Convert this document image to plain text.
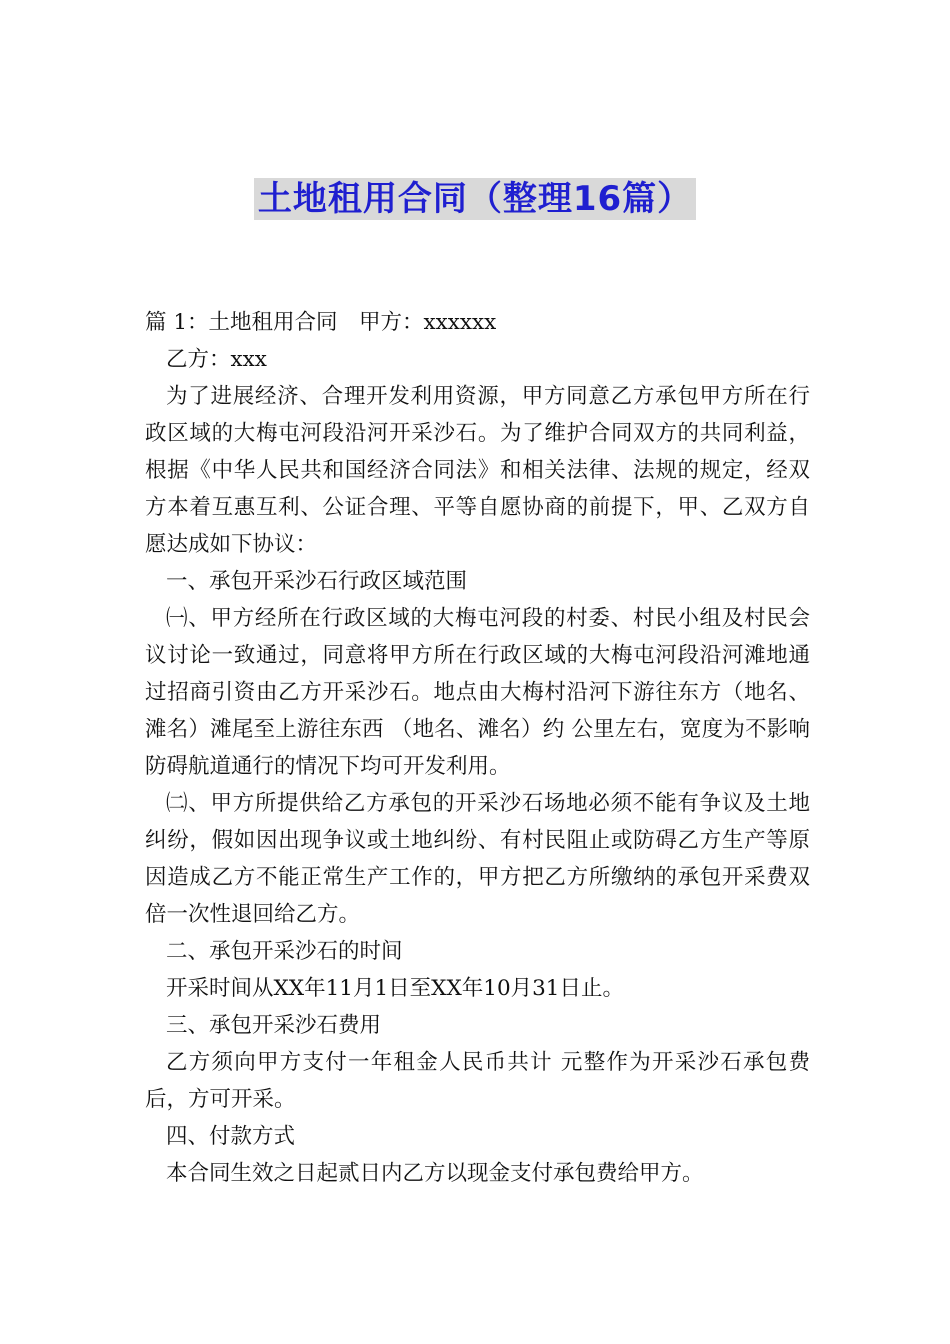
土地租用合同（整理16篇）

篇 1：土地租用合同　甲方：xxxxxx

乙方：xxx

为了进展经济、合理开发利用资源，甲方同意乙方承包甲方所在行政区域的大梅屯河段沿河开采沙石。为了维护合同双方的共同利益，根据《中华人民共和国经济合同法》和相关法律、法规的规定，经双方本着互惠互利、公证合理、平等自愿协商的前提下，甲、乙双方自愿达成如下协议：

一、承包开采沙石行政区域范围

㈠、甲方经所在行政区域的大梅屯河段的村委、村民小组及村民会议讨论一致通过，同意将甲方所在行政区域的大梅屯河段沿河滩地通过招商引资由乙方开采沙石。地点由大梅村沿河下游往东方（地名、滩名）滩尾至上游往东西 （地名、滩名）约 公里左右，宽度为不影响防碍航道通行的情况下均可开发利用。

㈡、甲方所提供给乙方承包的开采沙石场地必须不能有争议及土地纠纷，假如因出现争议或土地纠纷、有村民阻止或防碍乙方生产等原因造成乙方不能正常生产工作的，甲方把乙方所缴纳的承包开采费双倍一次性退回给乙方。

二、承包开采沙石的时间

开采时间从XX年11月1日至XX年10月31日止。

三、承包开采沙石费用

乙方须向甲方支付一年租金人民币共计 元整作为开采沙石承包费后，方可开采。

四、付款方式

本合同生效之日起贰日内乙方以现金支付承包费给甲方。
